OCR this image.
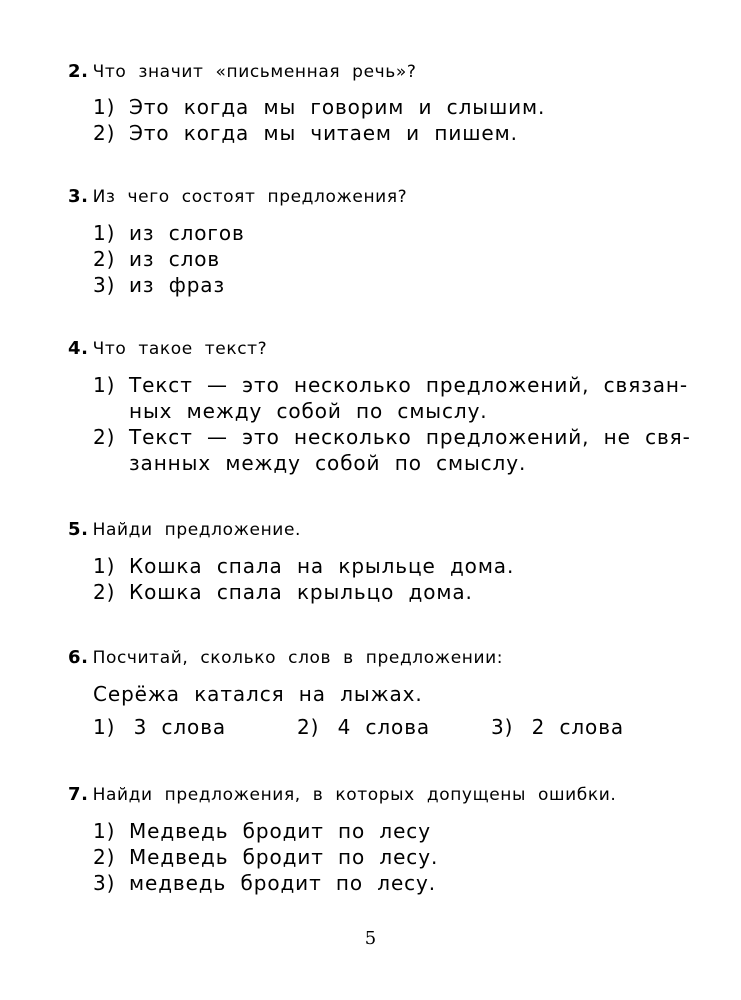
2. Что значит «письменная речь»?
1) Это когда мы говорим и слышим.
2) Это когда мы читаем и пишем.
3. Из чего состоят предложения?
1) из слогов
2) из слов
3) из фраз
4. Что такое текст?
1) Текст — это несколько предложений, связан-
ных между собой по смыслу.
2) Текст — это несколько предложений, не свя-
занных между собой по смыслу.
5. Найди предложение.
1) Кошка спала на крыльце дома.
2) Кошка спала крыльцо дома.
6. Посчитай, сколько слов в предложении:
Серёжа катался на лыжах.
1) 3 слова	2) 4 слова	3) 2 слова
7. Найди предложения, в которых допущены ошибки.
1) Медведь бродит по лесу
2) Медведь бродит по лесу.
3) медведь бродит по лесу.
5
